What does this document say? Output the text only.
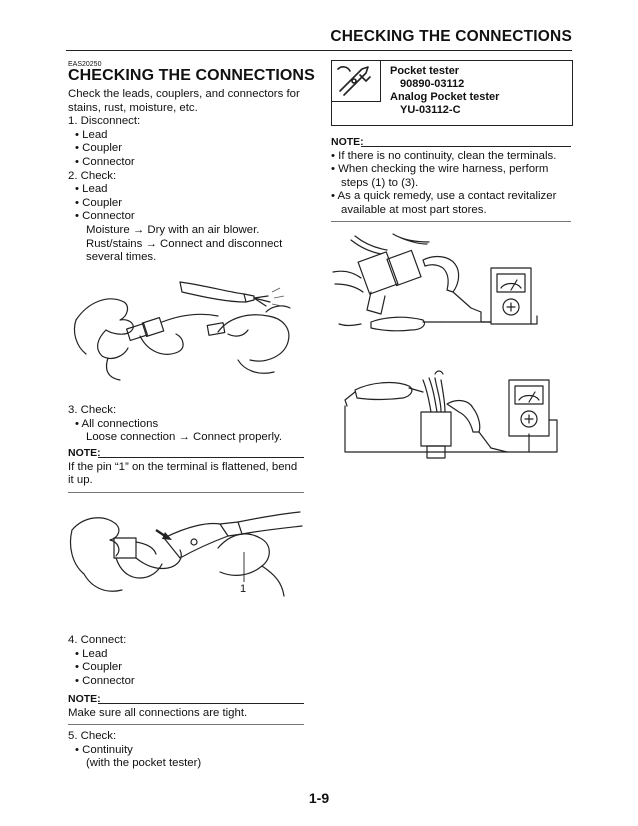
CHECKING THE CONNECTIONS
EAS20250
CHECKING THE CONNECTIONS
Check the leads, couplers, and connectors for
stains, rust, moisture, etc.
1. Disconnect:
• Lead
• Coupler
• Connector
2. Check:
• Lead
• Coupler
• Connector
Moisture → Dry with an air blower.
Rust/stains → Connect and disconnect
several times.
3. Check:
• All connections
Loose connection → Connect properly.
NOTE:
If the pin “1” on the terminal is flattened, bend
it up.
1
4. Connect:
• Lead
• Coupler
• Connector
NOTE:
Make sure all connections are tight.
5. Check:
• Continuity
(with the pocket tester)
Pocket tester
90890-03112
Analog Pocket tester
YU-03112-C
NOTE:
• If there is no continuity, clean the terminals.
• When checking the wire harness, perform
steps (1) to (3).
• As a quick remedy, use a contact revitalizer
available at most part stores.
1-9
